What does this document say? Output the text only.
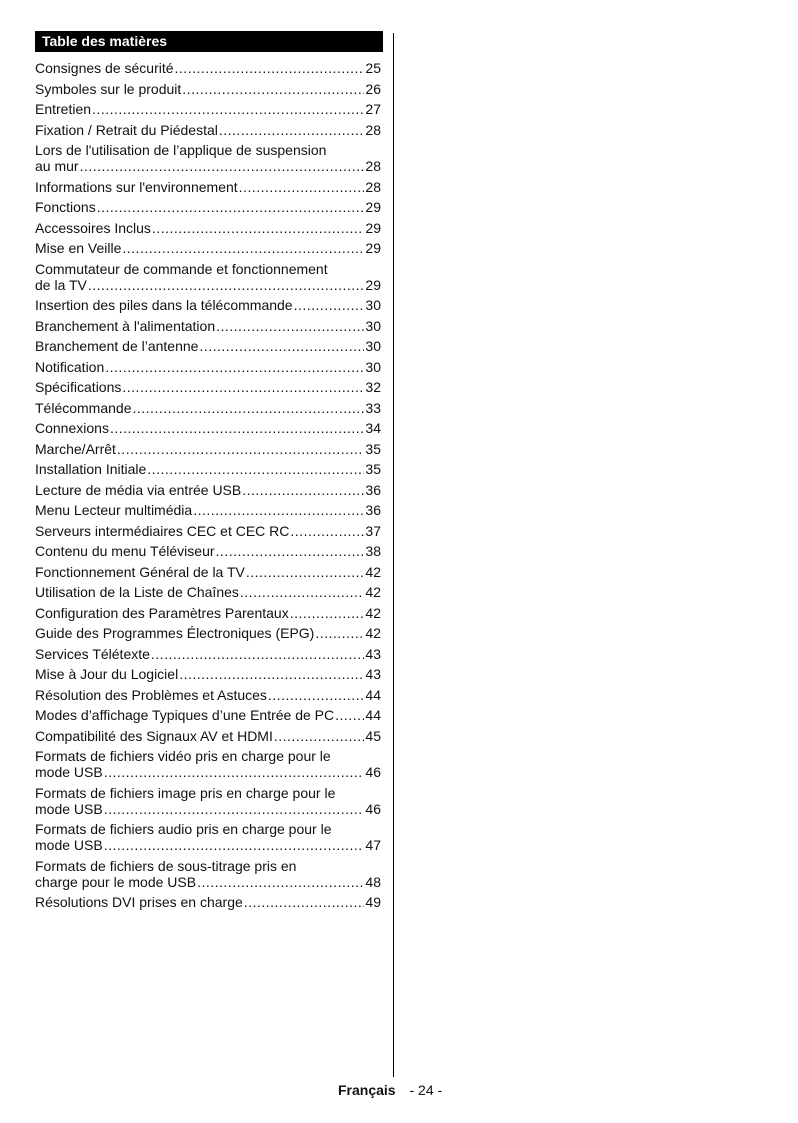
Table des matières
Consignes de sécurité .....	25
Symboles sur le produit .....	26
Entretien .....	27
Fixation / Retrait du Piédestal .....	28
Lors de l'utilisation de l’applique de suspension
au mur .....	28
Informations sur l'environnement .....	28
Fonctions .....	29
Accessoires Inclus .....	29
Mise en Veille .....	29
Commutateur de commande et fonctionnement
de la TV .....	29
Insertion des piles dans la télécommande .....	30
Branchement à l'alimentation .....	30
Branchement de l’antenne .....	30
Notification .....	30
Spécifications .....	32
Télécommande .....	33
Connexions .....	34
Marche/Arrêt .....	35
Installation Initiale .....	35
Lecture de média via entrée USB .....	36
Menu Lecteur multimédia .....	36
Serveurs intermédiaires CEC et CEC RC .....	37
Contenu du menu Téléviseur .....	38
Fonctionnement Général de la TV .....	42
Utilisation de la Liste de Chaînes .....	42
Configuration des Paramètres Parentaux .....	42
Guide des Programmes Électroniques (EPG) .....	42
Services Télétexte .....	43
Mise à Jour du Logiciel .....	43
Résolution des Problèmes et Astuces .....	44
Modes d’affichage Typiques d’une Entrée de PC ..... 44
Compatibilité des Signaux AV et HDMI .....	45
Formats de fichiers vidéo pris en charge pour le
mode USB .....	46
Formats de fichiers image pris en charge pour le
mode USB .....	46
Formats de fichiers audio pris en charge pour le
mode USB .....	47
Formats de fichiers de sous-titrage pris en
charge pour le mode USB .....	48
Résolutions DVI prises en charge .....	49
Français - 24 -
